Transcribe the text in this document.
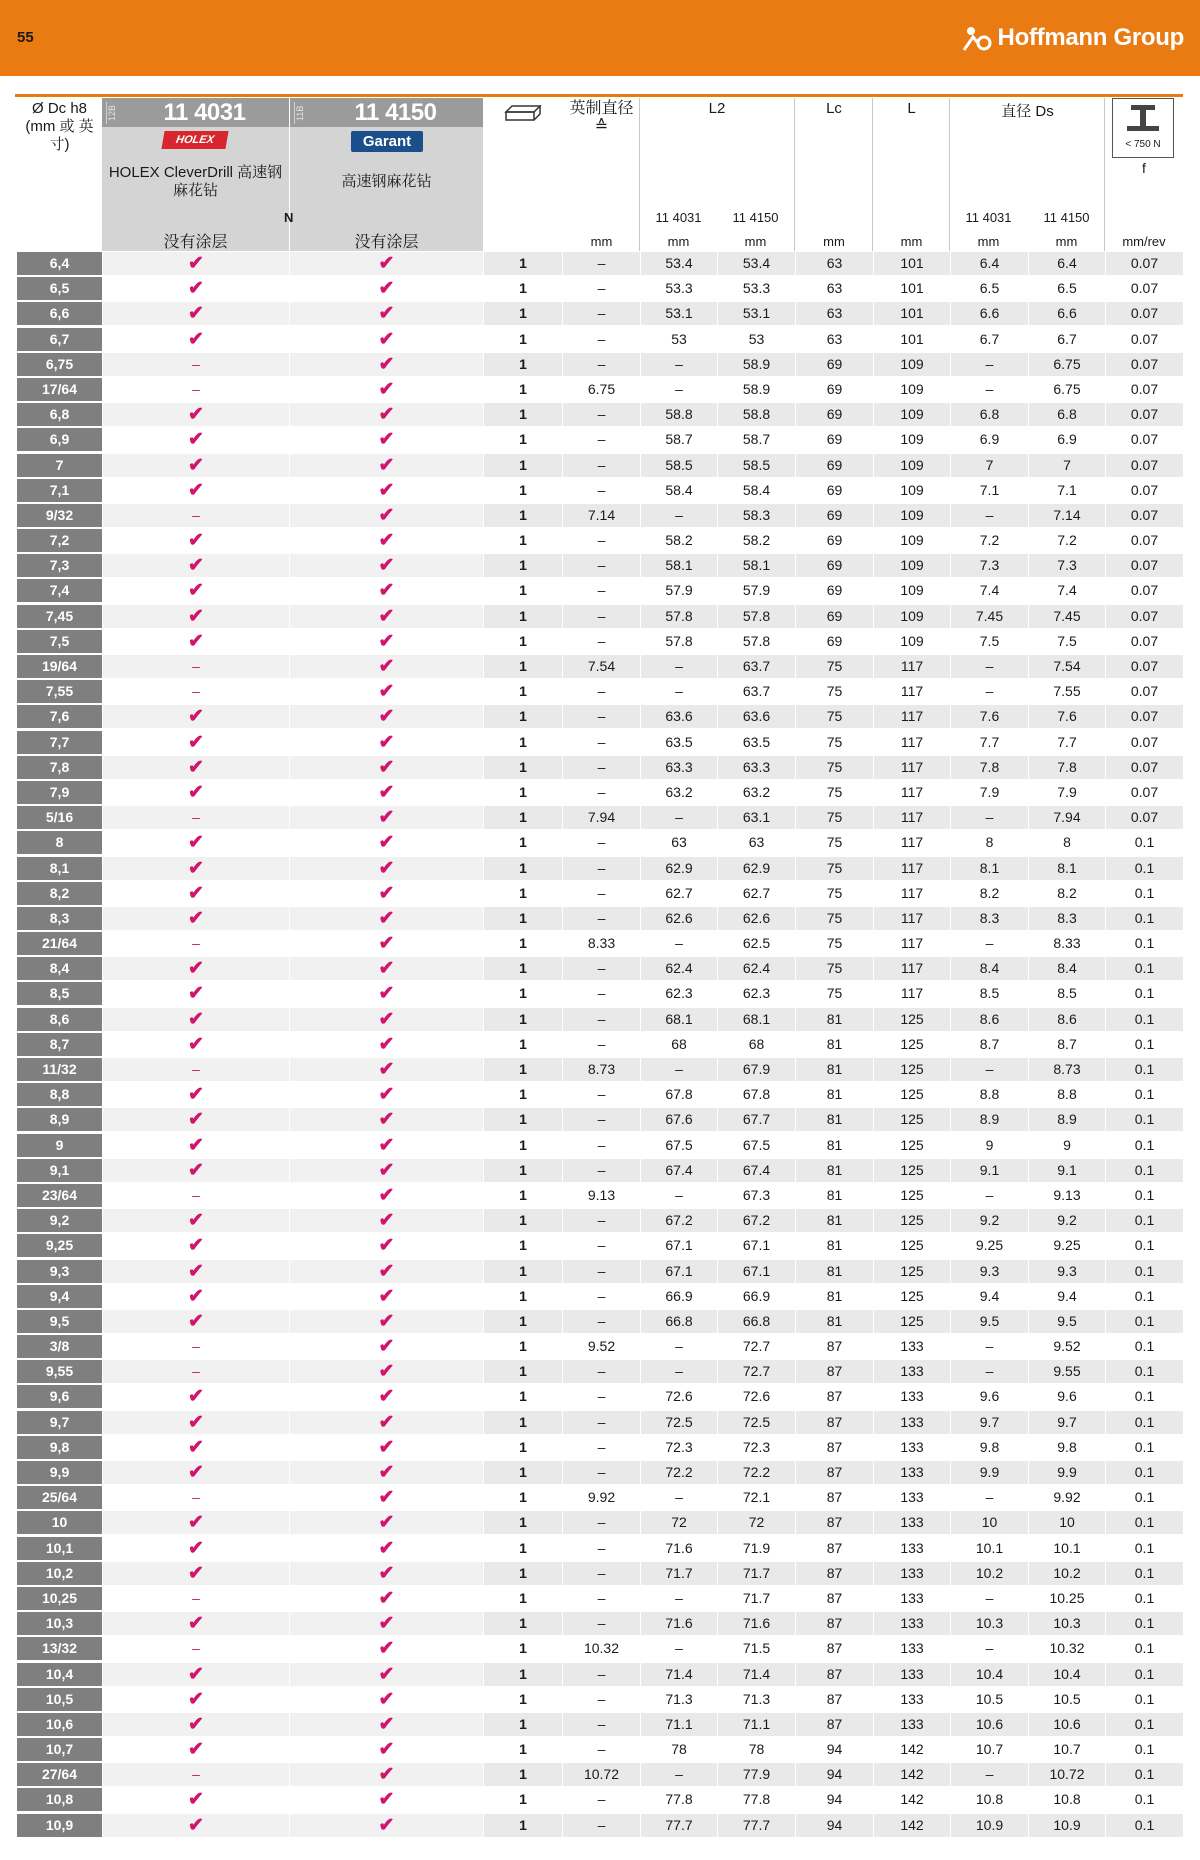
55	Hoffmann Group
Ø Dc h8 (mm 或 英寸)
12B	11 4031
HOLEX
HOLEX CleverDrill 高速钢麻花钻
没有涂层
11B	11 4150
Garant
高速钢麻花钻
N
没有涂层
英制直径≙
mm
L2
11 4031	11 4150
mm	mm
Lc
mm
L
mm
直径 Ds
11 4031	11 4150
mm	mm
< 750 N
f
mm/rev
6,4	✔	✔	1	–	53.4	53.4	63	101	6.4	6.4	0.07
6,5	✔	✔	1	–	53.3	53.3	63	101	6.5	6.5	0.07
6,6	✔	✔	1	–	53.1	53.1	63	101	6.6	6.6	0.07
6,7	✔	✔	1	–	53	53	63	101	6.7	6.7	0.07
6,75	–	✔	1	–	–	58.9	69	109	–	6.75	0.07
17/64	–	✔	1	6.75	–	58.9	69	109	–	6.75	0.07
6,8	✔	✔	1	–	58.8	58.8	69	109	6.8	6.8	0.07
6,9	✔	✔	1	–	58.7	58.7	69	109	6.9	6.9	0.07
7	✔	✔	1	–	58.5	58.5	69	109	7	7	0.07
7,1	✔	✔	1	–	58.4	58.4	69	109	7.1	7.1	0.07
9/32	–	✔	1	7.14	–	58.3	69	109	–	7.14	0.07
7,2	✔	✔	1	–	58.2	58.2	69	109	7.2	7.2	0.07
7,3	✔	✔	1	–	58.1	58.1	69	109	7.3	7.3	0.07
7,4	✔	✔	1	–	57.9	57.9	69	109	7.4	7.4	0.07
7,45	✔	✔	1	–	57.8	57.8	69	109	7.45	7.45	0.07
7,5	✔	✔	1	–	57.8	57.8	69	109	7.5	7.5	0.07
19/64	–	✔	1	7.54	–	63.7	75	117	–	7.54	0.07
7,55	–	✔	1	–	–	63.7	75	117	–	7.55	0.07
7,6	✔	✔	1	–	63.6	63.6	75	117	7.6	7.6	0.07
7,7	✔	✔	1	–	63.5	63.5	75	117	7.7	7.7	0.07
7,8	✔	✔	1	–	63.3	63.3	75	117	7.8	7.8	0.07
7,9	✔	✔	1	–	63.2	63.2	75	117	7.9	7.9	0.07
5/16	–	✔	1	7.94	–	63.1	75	117	–	7.94	0.07
8	✔	✔	1	–	63	63	75	117	8	8	0.1
8,1	✔	✔	1	–	62.9	62.9	75	117	8.1	8.1	0.1
8,2	✔	✔	1	–	62.7	62.7	75	117	8.2	8.2	0.1
8,3	✔	✔	1	–	62.6	62.6	75	117	8.3	8.3	0.1
21/64	–	✔	1	8.33	–	62.5	75	117	–	8.33	0.1
8,4	✔	✔	1	–	62.4	62.4	75	117	8.4	8.4	0.1
8,5	✔	✔	1	–	62.3	62.3	75	117	8.5	8.5	0.1
8,6	✔	✔	1	–	68.1	68.1	81	125	8.6	8.6	0.1
8,7	✔	✔	1	–	68	68	81	125	8.7	8.7	0.1
11/32	–	✔	1	8.73	–	67.9	81	125	–	8.73	0.1
8,8	✔	✔	1	–	67.8	67.8	81	125	8.8	8.8	0.1
8,9	✔	✔	1	–	67.6	67.7	81	125	8.9	8.9	0.1
9	✔	✔	1	–	67.5	67.5	81	125	9	9	0.1
9,1	✔	✔	1	–	67.4	67.4	81	125	9.1	9.1	0.1
23/64	–	✔	1	9.13	–	67.3	81	125	–	9.13	0.1
9,2	✔	✔	1	–	67.2	67.2	81	125	9.2	9.2	0.1
9,25	✔	✔	1	–	67.1	67.1	81	125	9.25	9.25	0.1
9,3	✔	✔	1	–	67.1	67.1	81	125	9.3	9.3	0.1
9,4	✔	✔	1	–	66.9	66.9	81	125	9.4	9.4	0.1
9,5	✔	✔	1	–	66.8	66.8	81	125	9.5	9.5	0.1
3/8	–	✔	1	9.52	–	72.7	87	133	–	9.52	0.1
9,55	–	✔	1	–	–	72.7	87	133	–	9.55	0.1
9,6	✔	✔	1	–	72.6	72.6	87	133	9.6	9.6	0.1
9,7	✔	✔	1	–	72.5	72.5	87	133	9.7	9.7	0.1
9,8	✔	✔	1	–	72.3	72.3	87	133	9.8	9.8	0.1
9,9	✔	✔	1	–	72.2	72.2	87	133	9.9	9.9	0.1
25/64	–	✔	1	9.92	–	72.1	87	133	–	9.92	0.1
10	✔	✔	1	–	72	72	87	133	10	10	0.1
10,1	✔	✔	1	–	71.6	71.9	87	133	10.1	10.1	0.1
10,2	✔	✔	1	–	71.7	71.7	87	133	10.2	10.2	0.1
10,25	–	✔	1	–	–	71.7	87	133	–	10.25	0.1
10,3	✔	✔	1	–	71.6	71.6	87	133	10.3	10.3	0.1
13/32	–	✔	1	10.32	–	71.5	87	133	–	10.32	0.1
10,4	✔	✔	1	–	71.4	71.4	87	133	10.4	10.4	0.1
10,5	✔	✔	1	–	71.3	71.3	87	133	10.5	10.5	0.1
10,6	✔	✔	1	–	71.1	71.1	87	133	10.6	10.6	0.1
10,7	✔	✔	1	–	78	78	94	142	10.7	10.7	0.1
27/64	–	✔	1	10.72	–	77.9	94	142	–	10.72	0.1
10,8	✔	✔	1	–	77.8	77.8	94	142	10.8	10.8	0.1
10,9	✔	✔	1	–	77.7	77.7	94	142	10.9	10.9	0.1
